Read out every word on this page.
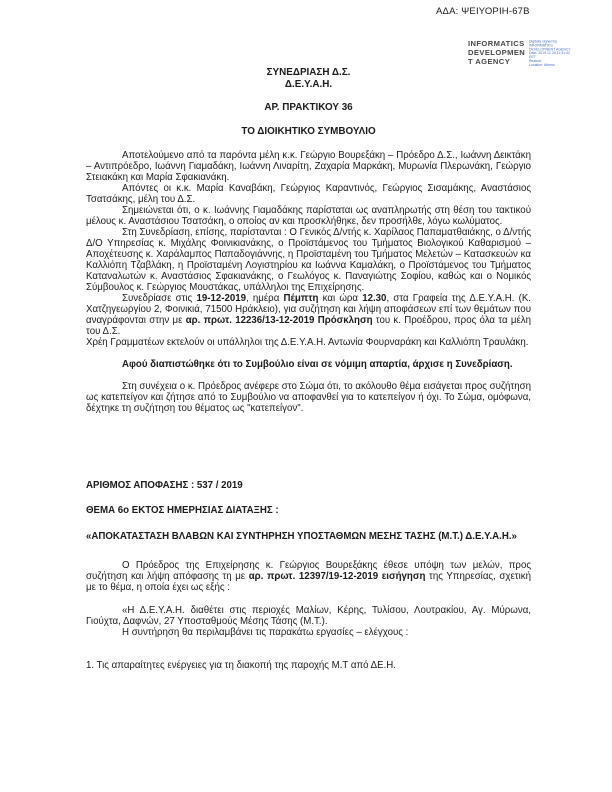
ΑΔΑ: ΨΕΙΥΟΡΙΗ-67Β
INFORMATICS
DEVELOPMEN
T AGENCY
Digitally signed by
INFORMATICS
DEVELOPMENT AGENCY
Date: 2019.12.24 11:31:42
EET
Reason:
Location: Athens
ΣΥΝΕΔΡΙΑΣΗ Δ.Σ.
Δ.Ε.Υ.Α.Η.
ΑΡ. ΠΡΑΚΤΙΚΟΥ 36
ΤΟ ΔΙΟΙΚΗΤΙΚΟ ΣΥΜΒΟΥΛΙΟ

Αποτελούμενο από τα παρόντα μέλη κ.κ. Γεώργιο Βουρεξάκη – Πρόεδρο Δ.Σ., Ιωάννη Δεικτάκη – Αντιπρόεδρο, Ιωάννη Γιαμαδάκη, Ιωάννη Λιναρίτη, Ζαχαρία Μαρκάκη, Μυρωνία Πλερωνάκη, Γεώργιο Στειακάκη και Μαρία Σφακιανάκη.

Απόντες οι κ.κ. Μαρία Καναβάκη, Γεώργιος Καραντινός, Γεώργιος Σισαμάκης, Αναστάσιος Τσατσάκης, μέλη του Δ.Σ.

Σημειώνεται ότι, ο κ. Ιωάννης Γιαμαδάκης παρίσταται ως αναπληρωτής στη θέση του τακτικού μέλους κ. Αναστάσιου Τσατσάκη, ο οποίος αν και προσκλήθηκε, δεν προσήλθε, λόγω κωλύματος.

Στη Συνεδρίαση, επίσης, παρίστανται : Ο Γενικός Δ/ντής κ. Χαρίλαος Παπαματθαιάκης, ο Δ/ντής Δ/Ο Υπηρεσίας κ. Μιχάλης Φοινικιανάκης, ο Προϊστάμενος του Τμήματος Βιολογικού Καθαρισμού – Αποχέτευσης κ. Χαράλαμπος Παπαδογιάννης, η Προϊσταμένη του Τμήματος Μελετών – Κατασκευών κα Καλλιόπη Τζαβλάκη, η Προϊσταμένη Λογιστηρίου κα Ιωάννα Καμαλάκη, ο Προϊστάμενος του Τμήματος Καταναλωτών κ. Αναστάσιος Σφακιανάκης, ο Γεωλόγος κ. Παναγιώτης Σοφίου, καθώς και ο Νομικός Σύμβουλος κ. Γεώργιος Μουστάκας, υπάλληλοι της Επιχείρησης.

Συνεδρίασε στις 19-12-2019, ημέρα Πέμπτη και ώρα 12.30, στα Γραφεία της Δ.Ε.Υ.Α.Η. (Κ. Χατζηγεωργίου 2, Φοινικιά, 71500 Ηράκλειο), για συζήτηση και λήψη αποφάσεων επί των θεμάτων που αναγράφονται στην με αρ. πρωτ. 12236/13-12-2019 Πρόσκληση του κ. Προέδρου, προς όλα τα μέλη του Δ.Σ.

Χρέη Γραμματέων εκτελούν οι υπάλληλοι της Δ.Ε.Υ.Α.Η. Αντωνία Φουρναράκη και Καλλιόπη Τραυλάκη.

Αφού διαπιστώθηκε ότι το Συμβούλιο είναι σε νόμιμη απαρτία, άρχισε η Συνεδρίαση.

Στη συνέχεια ο κ. Πρόεδρος ανέφερε στο Σώμα ότι, το ακόλουθο θέμα εισάγεται προς συζήτηση ως κατεπείγον και ζήτησε από το Συμβούλιο να αποφανθεί για το κατεπείγον ή όχι. Το Σώμα, ομόφωνα, δέχτηκε τη συζήτηση του θέματος ως "κατεπείγον".

ΑΡΙΘΜΟΣ ΑΠΟΦΑΣΗΣ : 537 / 2019

ΘΕΜΑ 6ο ΕΚΤΟΣ ΗΜΕΡΗΣΙΑΣ ΔΙΑΤΑΞΗΣ :

«ΑΠΟΚΑΤΑΣΤΑΣΗ ΒΛΑΒΩΝ ΚΑΙ ΣΥΝΤΗΡΗΣΗ ΥΠΟΣΤΑΘΜΩΝ ΜΕΣΗΣ ΤΑΣΗΣ (Μ.Τ.) Δ.Ε.Υ.Α.Η.»

Ο Πρόεδρος της Επιχείρησης κ. Γεώργιος Βουρεξάκης έθεσε υπόψη των μελών, προς συζήτηση και λήψη απόφασης τη με αρ. πρωτ. 12397/19-12-2019 εισήγηση της Υπηρεσίας, σχετική με το θέμα, η οποία έχει ως εξής :

«Η Δ.Ε.Υ.Α.Η. διαθέτει στις περιοχές Μαλίων, Κέρης, Τυλίσου, Λουτρακίου, Αγ. Μύρωνα, Γιούχτα, Δαφνών, 27 Υποσταθμούς Μέσης Τάσης (Μ.Τ.).

Η συντήρηση θα περιλαμβάνει τις παρακάτω εργασίες – ελέγχους :

1. Τις απαραίτητες ενέργειες για τη διακοπή της παροχής Μ.Τ από ΔΕ.Η.
